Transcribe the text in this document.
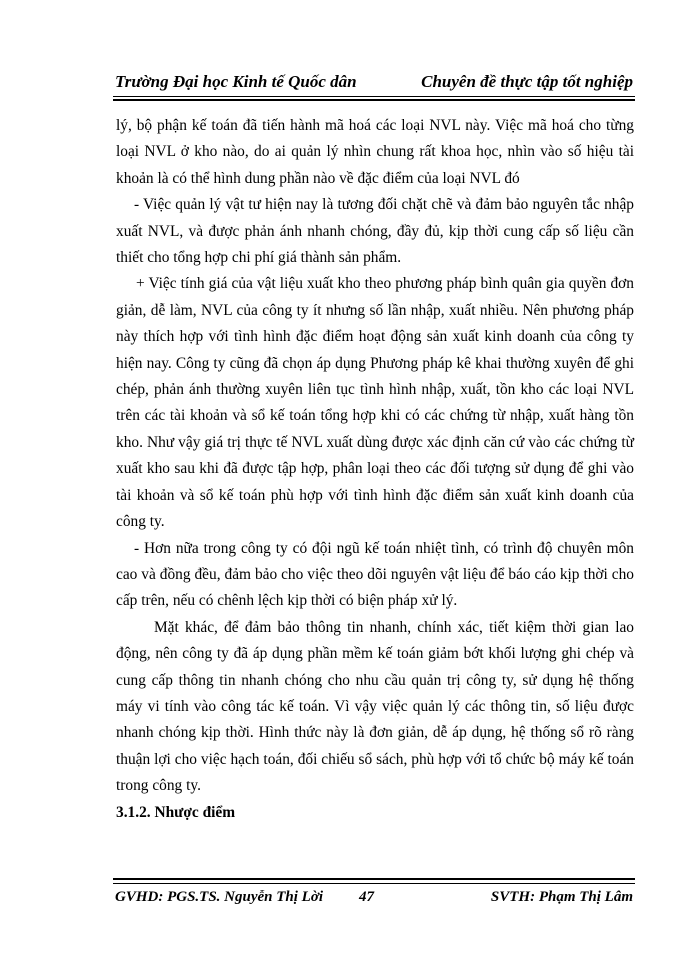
Trường Đại học Kinh tế Quốc dân	Chuyên đề thực tập tốt nghiệp

lý, bộ phận kế toán đã tiến hành mã hoá các loại NVL này. Việc mã hoá cho từng loại NVL ở kho nào, do ai quản lý nhìn chung rất khoa học, nhìn vào số hiệu tài khoản là có thể hình dung phần nào về đặc điểm của loại NVL đó

- Việc quản lý vật tư hiện nay là tương đối chặt chẽ và đảm bảo nguyên tắc nhập xuất NVL, và được phản ánh nhanh chóng, đầy đủ, kịp thời cung cấp số liệu cần thiết cho tổng hợp chi phí giá thành sản phẩm.

+ Việc tính giá của vật liệu xuất kho theo phương pháp bình quân gia quyền đơn giản, dễ làm, NVL của công ty ít nhưng số lần nhập, xuất nhiều. Nên phương pháp này thích hợp với tình hình đặc điểm hoạt động sản xuất kinh doanh của công ty hiện nay. Công ty cũng đã chọn áp dụng Phương pháp kê khai thường xuyên để ghi chép, phản ánh thường xuyên liên tục tình hình nhập, xuất, tồn kho các loại NVL trên các tài khoản và sổ kế toán tổng hợp khi có các chứng từ nhập, xuất hàng tồn kho. Như vậy giá trị thực tế NVL xuất dùng được xác định căn cứ vào các chứng từ xuất kho sau khi đã được tập hợp, phân loại theo các đối tượng sử dụng để ghi vào tài khoản và sổ kế toán phù hợp với tình hình đặc điểm sản xuất kinh doanh của công ty.

- Hơn nữa trong công ty có đội ngũ kế toán nhiệt tình, có trình độ chuyên môn cao và đồng đều, đảm bảo cho việc theo dõi nguyên vật liệu để báo cáo kịp thời cho cấp trên, nếu có chênh lệch kịp thời có biện pháp xử lý.

Mặt khác, để đảm bảo thông tin nhanh, chính xác, tiết kiệm thời gian lao động, nên công ty đã áp dụng phần mềm kế toán giảm bớt khối lượng ghi chép và cung cấp thông tin nhanh chóng cho nhu cầu quản trị công ty, sử dụng hệ thống máy vi tính vào công tác kế toán. Vì vậy việc quản lý các thông tin, số liệu được nhanh chóng kịp thời. Hình thức này là đơn giản, dễ áp dụng, hệ thống sổ rõ ràng thuận lợi cho việc hạch toán, đối chiếu sổ sách, phù hợp với tổ chức bộ máy kế toán trong công ty.

3.1.2. Nhược điểm

GVHD: PGS.TS. Nguyễn Thị Lời 47	SVTH: Phạm Thị Lâm
